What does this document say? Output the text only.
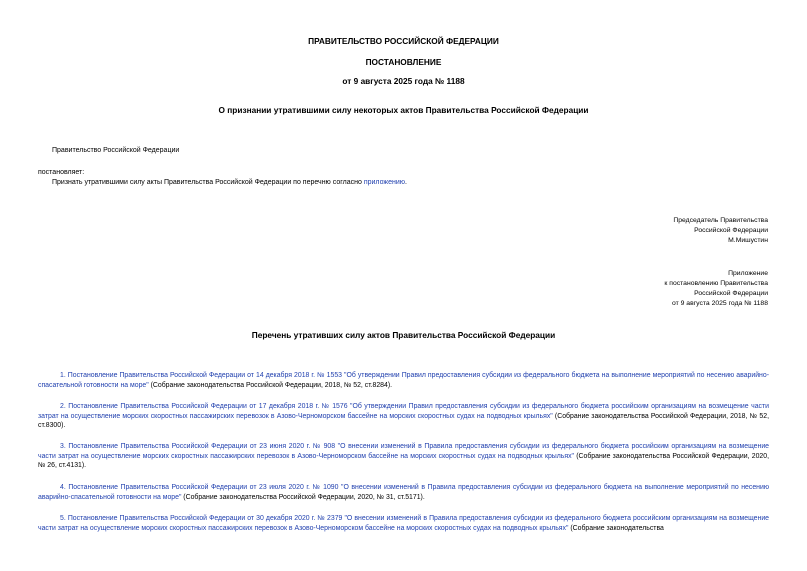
ПРАВИТЕЛЬСТВО РОССИЙСКОЙ ФЕДЕРАЦИИ
ПОСТАНОВЛЕНИЕ
от 9 августа 2025 года № 1188
О признании утратившими силу некоторых актов Правительства Российской Федерации
Правительство Российской Федерации
постановляет:
Признать утратившими силу акты Правительства Российской Федерации по перечню согласно приложению.
Председатель Правительства
Российской Федерации
М.Мишустин
Приложение
к постановлению Правительства
Российской Федерации
от 9 августа 2025 года № 1188
Перечень утративших силу актов Правительства Российской Федерации
1. Постановление Правительства Российской Федерации от 14 декабря 2018 г. № 1553 "Об утверждении Правил предоставления субсидии из федерального бюджета на выполнение мероприятий по несению аварийно-спасательной готовности на море" (Собрание законодательства Российской Федерации, 2018, № 52, ст.8284).
2. Постановление Правительства Российской Федерации от 17 декабря 2018 г. № 1576 "Об утверждении Правил предоставления субсидии из федерального бюджета российским организациям на возмещение части затрат на осуществление морских скоростных пассажирских перевозок в Азово-Черноморском бассейне на морских скоростных судах на подводных крыльях" (Собрание законодательства Российской Федерации, 2018, № 52, ст.8300).
3. Постановление Правительства Российской Федерации от 23 июня 2020 г. № 908 "О внесении изменений в Правила предоставления субсидии из федерального бюджета российским организациям на возмещение части затрат на осуществление морских скоростных пассажирских перевозок в Азово-Черноморском бассейне на морских скоростных судах на подводных крыльях" (Собрание законодательства Российской Федерации, 2020, № 26, ст.4131).
4. Постановление Правительства Российской Федерации от 23 июля 2020 г. № 1090 "О внесении изменений в Правила предоставления субсидии из федерального бюджета на выполнение мероприятий по несению аварийно-спасательной готовности на море" (Собрание законодательства Российской Федерации, 2020, № 31, ст.5171).
5. Постановление Правительства Российской Федерации от 30 декабря 2020 г. № 2379 "О внесении изменений в Правила предоставления субсидии из федерального бюджета российским организациям на возмещение части затрат на осуществление морских скоростных пассажирских перевозок в Азово-Черноморском бассейне на морских скоростных судах на подводных крыльях" (Собрание законодательства
